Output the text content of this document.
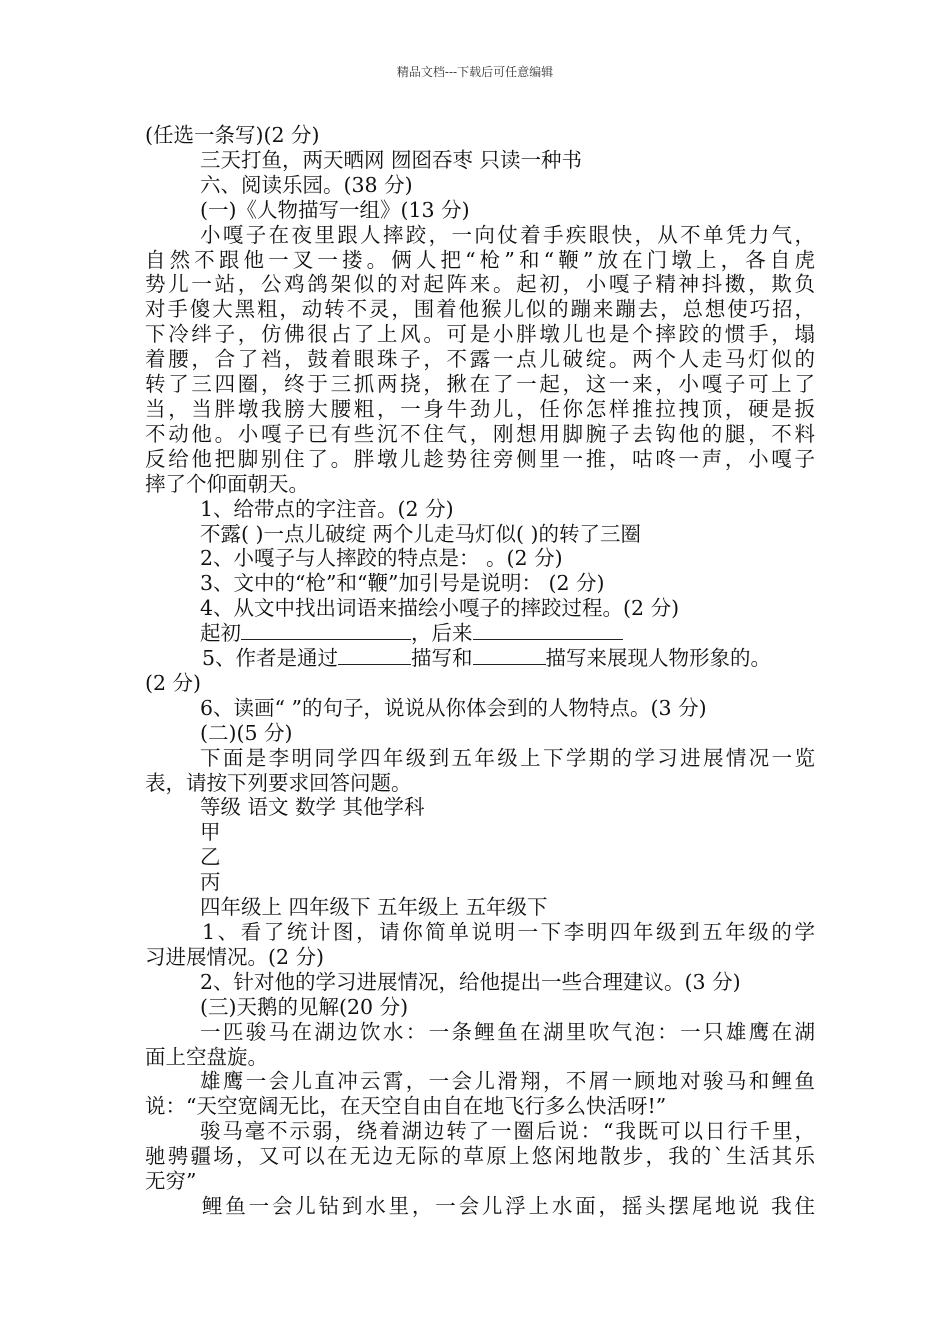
精品文档---下载后可任意编辑
(任选一条写)(2 分)
三天打鱼，两天晒网 囫囵吞枣 只读一种书
六、阅读乐园。(38 分)
(一)《人物描写一组》(13 分)
小嘎子在夜里跟人摔跤，一向仗着手疾眼快，从不单凭力气，
自然不跟他一叉一搂。俩人把“枪”和“鞭”放在门墩上，各自虎
势儿一站，公鸡鸽架似的对起阵来。起初，小嘎子精神抖擞，欺负
对手傻大黑粗，动转不灵，围着他猴儿似的蹦来蹦去，总想使巧招，
下冷绊子，仿佛很占了上风。可是小胖墩儿也是个摔跤的惯手，塌
着腰，合了裆，鼓着眼珠子，不露一点儿破绽。两个人走马灯似的
转了三四圈，终于三抓两挠，揪在了一起，这一来，小嘎子可上了
当，当胖墩我膀大腰粗，一身牛劲儿，任你怎样推拉拽顶，硬是扳
不动他。小嘎子已有些沉不住气，刚想用脚腕子去钩他的腿，不料
反给他把脚别住了。胖墩儿趁势往旁侧里一推，咕咚一声，小嘎子
摔了个仰面朝天。
1、给带点的字注音。(2 分)
不露( )一点儿破绽 两个儿走马灯似( )的转了三圈
2、小嘎子与人摔跤的特点是： 。(2 分)
3、文中的“枪”和“鞭”加引号是说明： (2 分)
4、从文中找出词语来描绘小嘎子的摔跤过程。(2 分)
起初	，后来
5、作者是通过	描写和	描写来展现人物形象的。
(2 分)
6、读画“ ”的句子，说说从你体会到的人物特点。(3 分)
(二)(5 分)
下面是李明同学四年级到五年级上下学期的学习进展情况一览
表，请按下列要求回答问题。
等级 语文 数学 其他学科
甲
乙
丙
四年级上 四年级下 五年级上 五年级下
1、看了统计图，请你简单说明一下李明四年级到五年级的学
习进展情况。(2 分)
2、针对他的学习进展情况，给他提出一些合理建议。(3 分)
(三)天鹅的见解(20 分)
一匹骏马在湖边饮水：一条鲤鱼在湖里吹气泡：一只雄鹰在湖
面上空盘旋。
雄鹰一会儿直冲云霄，一会儿滑翔，不屑一顾地对骏马和鲤鱼
说：“天空宽阔无比，在天空自由自在地飞行多么快活呀!”
骏马毫不示弱，绕着湖边转了一圈后说：“我既可以日行千里，
驰骋疆场，又可以在无边无际的草原上悠闲地散步，我的`生活其乐
无穷”
鲤鱼一会儿钻到水里，一会儿浮上水面，摇头摆尾地说 我住
